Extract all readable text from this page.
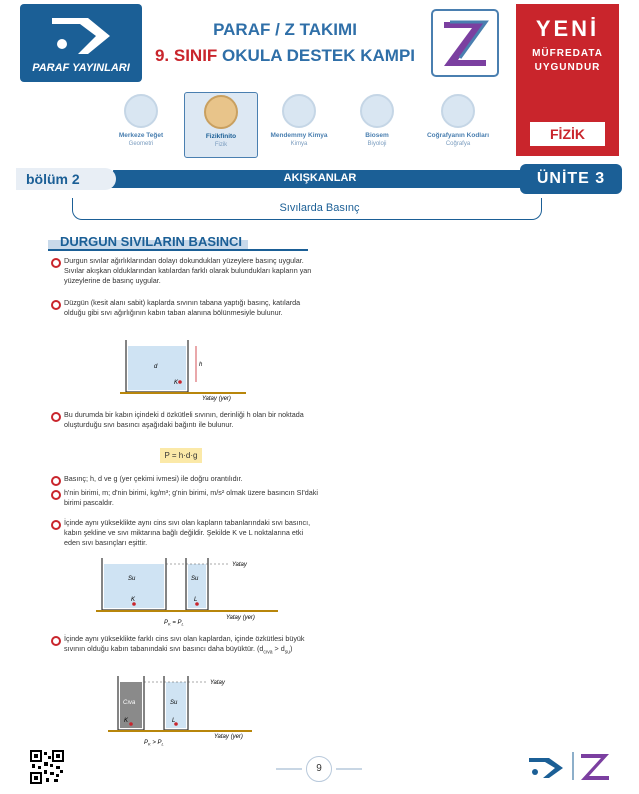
PARAF YAYINLARI
PARAF / Z TAKIMI
9. SINIF OKULA DESTEK KAMPI
YENİ
MÜFREDATA
UYGUNDUR
FİZİK
Merkeze Teğet
Geometri
Fizikfinito
Fizik
Mendemmy Kimya
Kimya
Biosem
Biyoloji
Coğrafyanın Kodları
Coğrafya
bölüm 2	AKIŞKANLAR	ÜNİTE 3
Sıvılarda Basınç
DURGUN SIVILARIN BASINCI
Durgun sıvılar ağırlıklarından dolayı dokundukları yüzeylere basınç uygular. Sıvılar akışkan olduklarından katılardan farklı olarak bulundukları kapların yan yüzeylerine de basınç uygular.
Düzgün (kesit alanı sabit) kaplarda sıvının tabana yaptığı basınç, katılarda olduğu gibi sıvı ağırlığının kabın taban alanına bölünmesiyle bulunur.
d	h
K
Yatay (yer)
Bu durumda bir kabın içindeki d özkütleli sıvının, derinliği h olan bir noktada oluşturduğu sıvı basıncı aşağıdaki bağıntı ile bulunur.
P = h·d·g
Basınç; h, d ve g (yer çekimi ivmesi) ile doğru orantılıdır.
h'nin birimi, m; d'nin birimi, kg/m³; g'nin birimi, m/s² olmak üzere basıncın SI'daki birimi pascaldır.
İçinde aynı yükseklikte aynı cins sıvı olan kapların tabanlarındaki sıvı basıncı, kabın şekline ve sıvı miktarına bağlı değildir. Şekilde K ve L noktalarına etki eden sıvı basınçları eşittir.
Su	Su
K	L
Yatay
Yatay (yer)
$P_K = P_L$
İçinde aynı yükseklikte farklı cins sıvı olan kaplardan, içinde özkütlesi büyük sıvının olduğu kabın tabanındaki sıvı basıncı daha büyüktür. $(d_{cıva} > d_{su})$
Cıva	Su
K	L
Yatay
Yatay (yer)
$P_K > P_L$
9
